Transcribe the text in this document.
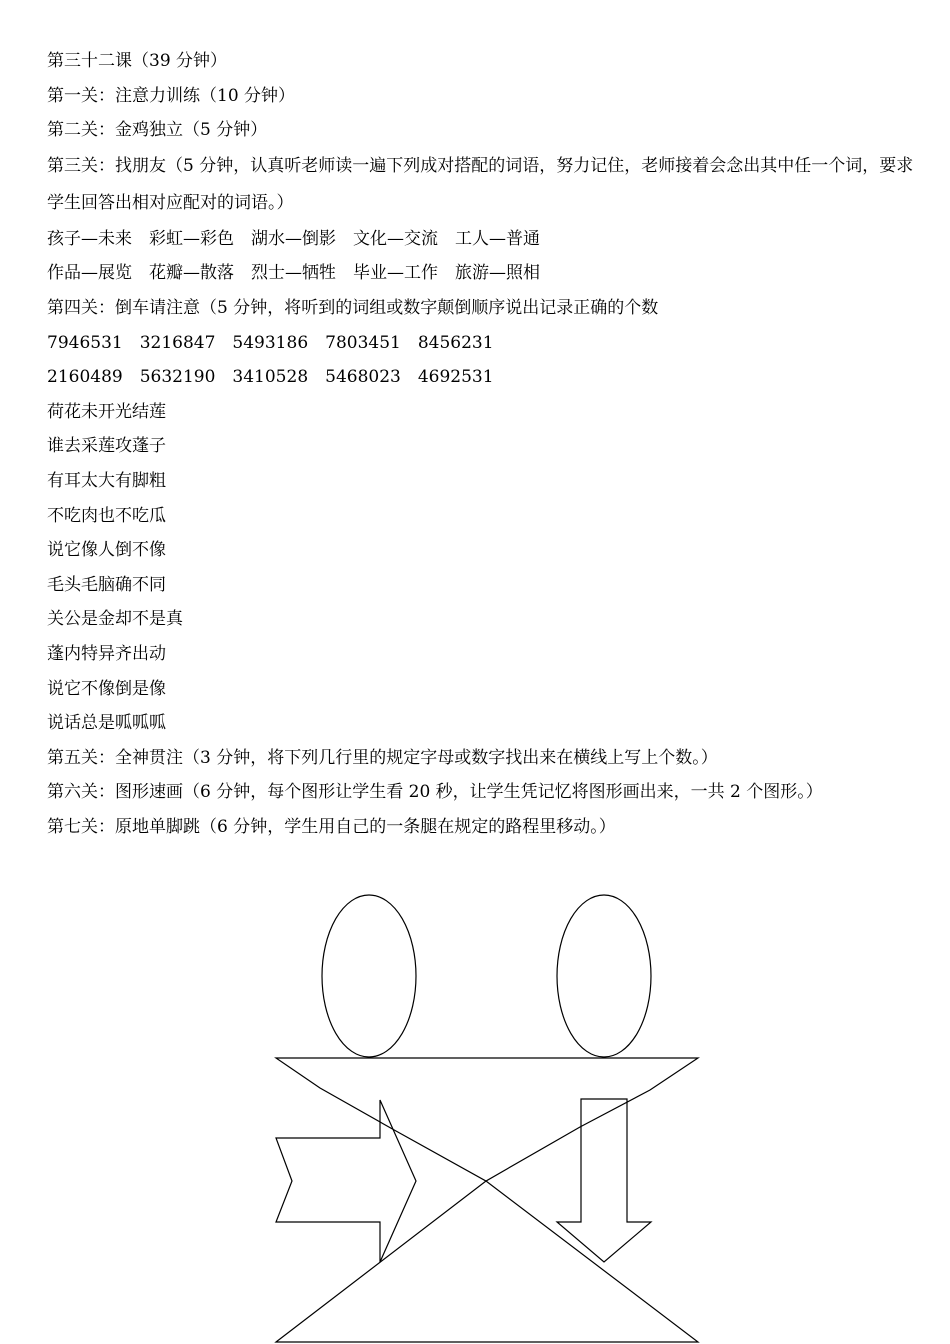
第三十二课（39 分钟）
第一关：注意力训练（10 分钟）
第二关：金鸡独立（5 分钟）
第三关：找朋友（5 分钟，认真听老师读一遍下列成对搭配的词语，努力记住，老师接着会念出其中任一个词，要求学生回答出相对应配对的词语。）
孩子—未来　彩虹—彩色　湖水—倒影　文化—交流　工人—普通
作品—展览　花瓣—散落　烈士—牺牲　毕业—工作　旅游—照相
第四关：倒车请注意（5 分钟，将听到的词组或数字颠倒顺序说出记录正确的个数
7946531　3216847　5493186　7803451　8456231
2160489　5632190　3410528　5468023　4692531
荷花未开光结莲
谁去采莲攻蓬子
有耳太大有脚粗
不吃肉也不吃瓜
说它像人倒不像
毛头毛脑确不同
关公是金却不是真
蓬内特异齐出动
说它不像倒是像
说话总是呱呱呱
第五关：全神贯注（3 分钟，将下列几行里的规定字母或数字找出来在横线上写上个数。）
第六关：图形速画（6 分钟，每个图形让学生看 20 秒，让学生凭记忆将图形画出来，一共 2 个图形。）
第七关：原地单脚跳（6 分钟，学生用自己的一条腿在规定的路程里移动。）
